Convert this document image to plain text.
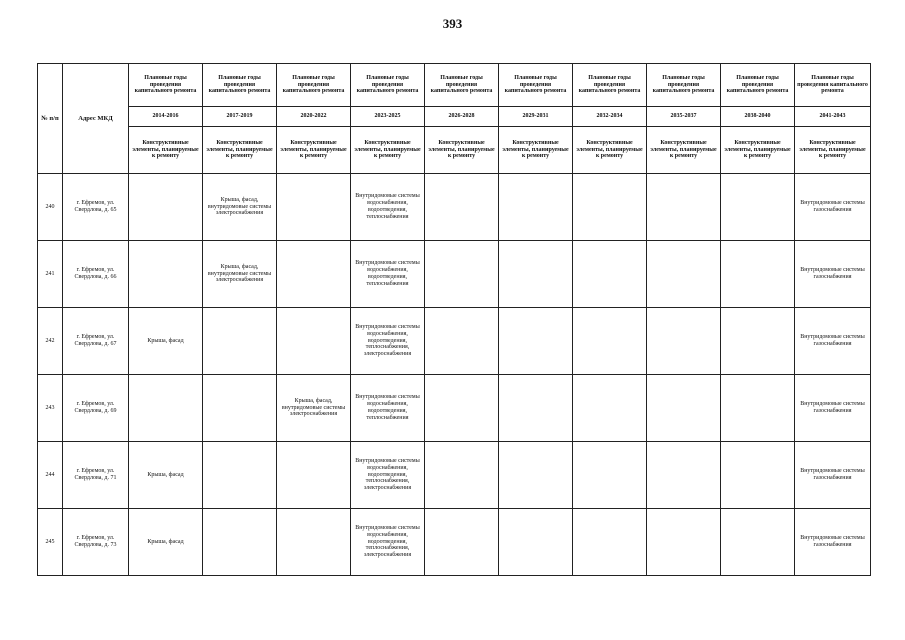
393
№ п/п	Адрес МКД	Плановые годы проведения капитального ремонта	Плановые годы проведения капитального ремонта	Плановые годы проведения капитального ремонта	Плановые годы проведения капитального ремонта	Плановые годы проведения капитального ремонта	Плановые годы проведения капитального ремонта	Плановые годы проведения капитального ремонта	Плановые годы проведения капитального ремонта	Плановые годы проведения капитального ремонта	Плановые годы проведения капитального ремонта
		2014-2016	2017-2019	2020-2022	2023-2025	2026-2028	2029-2031	2032-2034	2035-2037	2038-2040	2041-2043
		Конструктивные элементы, планируемые к ремонту	Конструктивные элементы, планируемые к ремонту	Конструктивные элементы, планируемые к ремонту	Конструктивные элементы, планируемые к ремонту	Конструктивные элементы, планируемые к ремонту	Конструктивные элементы, планируемые к ремонту	Конструктивные элементы, планируемые к ремонту	Конструктивные элементы, планируемые к ремонту	Конструктивные элементы, планируемые к ремонту	Конструктивные элементы, планируемые к ремонту
240	г. Ефремов, ул. Свердлова, д. 65		Крыша, фасад, внутридомовые системы электроснабжения		Внутридомовые системы водоснабжения, водоотведения, теплоснабжения						Внутридомовые системы газоснабжения
241	г. Ефремов, ул. Свердлова, д. 66		Крыша, фасад, внутридомовые системы электроснабжения		Внутридомовые системы водоснабжения, водоотведения, теплоснабжения						Внутридомовые системы газоснабжения
242	г. Ефремов, ул. Свердлова, д. 67	Крыша, фасад			Внутридомовые системы водоснабжения, водоотведения, теплоснабжения, электроснабжения						Внутридомовые системы газоснабжения
243	г. Ефремов, ул. Свердлова, д. 69			Крыша, фасад, внутридомовые системы электроснабжения	Внутридомовые системы водоснабжения, водоотведения, теплоснабжения						Внутридомовые системы газоснабжения
244	г. Ефремов, ул. Свердлова, д. 71	Крыша, фасад			Внутридомовые системы водоснабжения, водоотведения, теплоснабжения, электроснабжения						Внутридомовые системы газоснабжения
245	г. Ефремов, ул. Свердлова, д. 73	Крыша, фасад			Внутридомовые системы водоснабжения, водоотведения, теплоснабжения, электроснабжения						Внутридомовые системы газоснабжения
